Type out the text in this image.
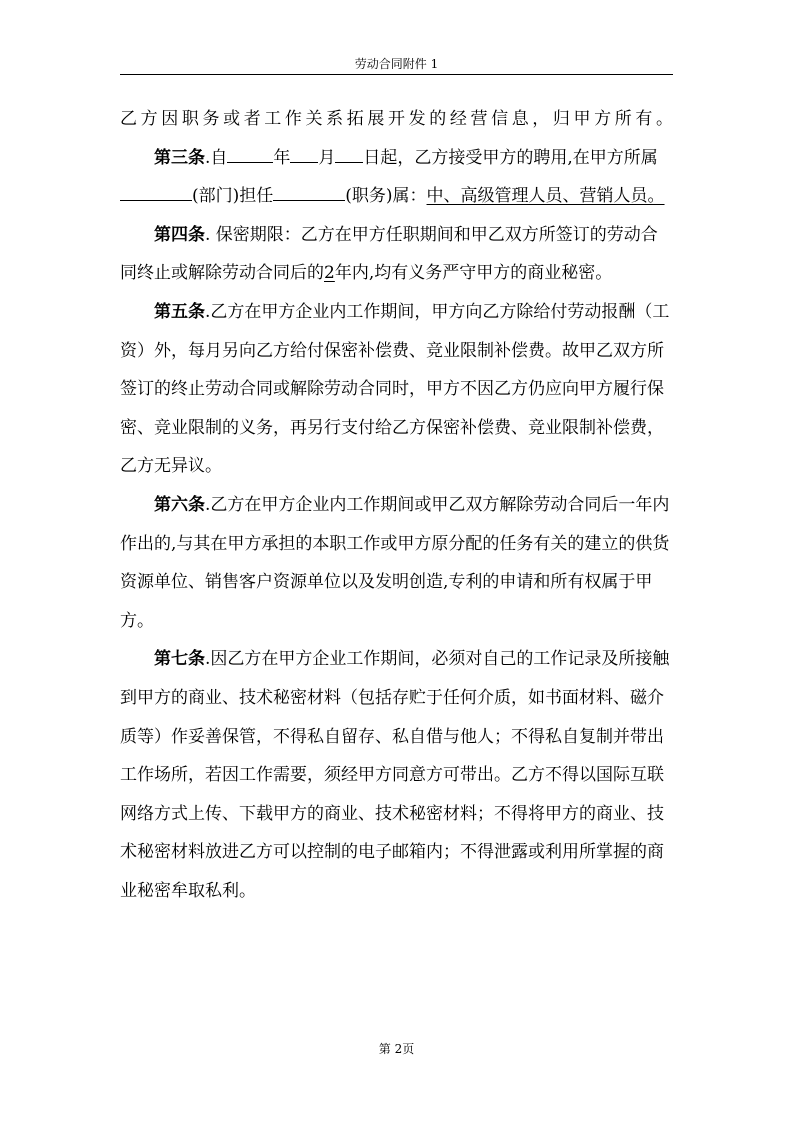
劳动合同附件 1

乙方因职务或者工作关系拓展开发的经营信息，归甲方所有。

第三条.自	年 月 日起，乙方接受甲方的聘用,在甲方所属(部门)担任	(职务)属：中、高级管理人员、营销人员。

第四条. 保密期限：乙方在甲方任职期间和甲乙双方所签订的劳动合同终止或解除劳动合同后的2年内,均有义务严守甲方的商业秘密。

第五条.乙方在甲方企业内工作期间，甲方向乙方除给付劳动报酬（工资）外，每月另向乙方给付保密补偿费、竞业限制补偿费。故甲乙双方所签订的终止劳动合同或解除劳动合同时，甲方不因乙方仍应向甲方履行保密、竞业限制的义务，再另行支付给乙方保密补偿费、竞业限制补偿费，乙方无异议。

第六条.乙方在甲方企业内工作期间或甲乙双方解除劳动合同后一年内作出的,与其在甲方承担的本职工作或甲方原分配的任务有关的建立的供货资源单位、销售客户资源单位以及发明创造,专利的申请和所有权属于甲方。

第七条.因乙方在甲方企业工作期间，必须对自己的工作记录及所接触到甲方的商业、技术秘密材料（包括存贮于任何介质，如书面材料、磁介质等）作妥善保管，不得私自留存、私自借与他人；不得私自复制并带出工作场所，若因工作需要，须经甲方同意方可带出。乙方不得以国际互联网络方式上传、下载甲方的商业、技术秘密材料；不得将甲方的商业、技术秘密材料放进乙方可以控制的电子邮箱内；不得泄露或利用所掌握的商业秘密牟取私利。

第 2页
